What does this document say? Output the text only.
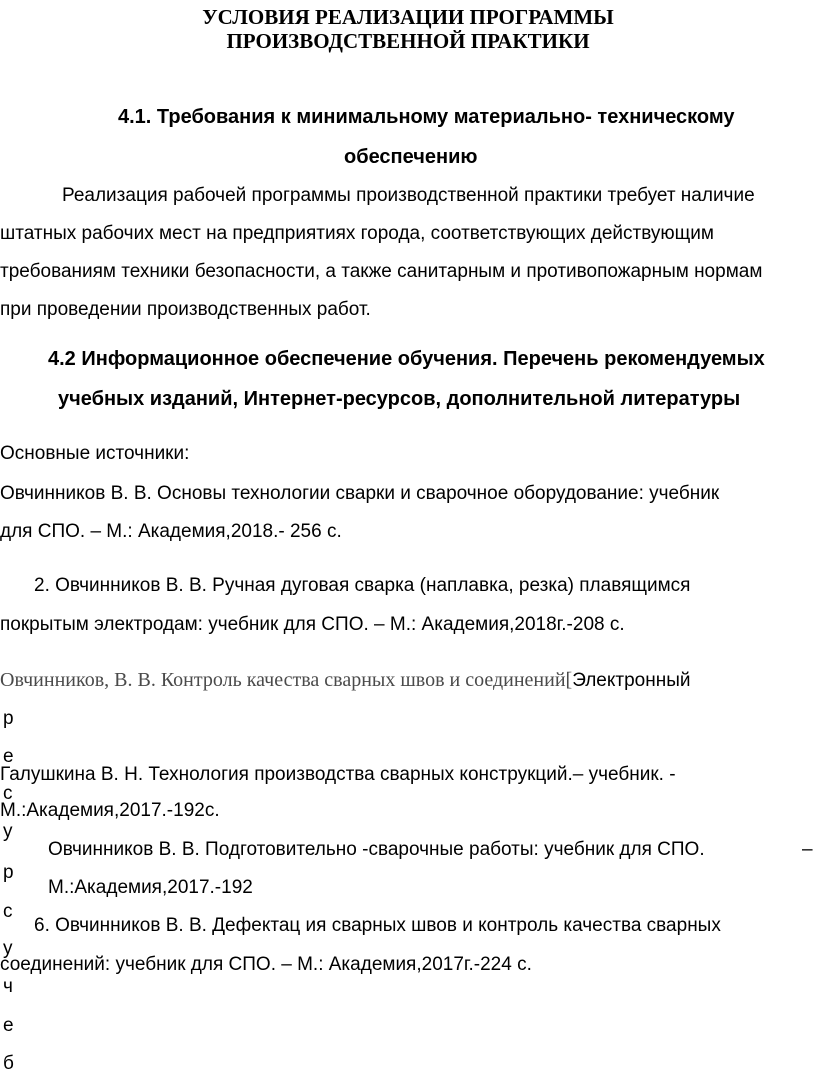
УСЛОВИЯ РЕАЛИЗАЦИИ ПРОГРАММЫ
ПРОИЗВОДСТВЕННОЙ ПРАКТИКИ
4.1. Требования к минимальному материально- техническому
обеспечению
Реализация рабочей программы производственной практики требует наличие
штатных рабочих мест на предприятиях города, соответствующих действующим
требованиям техники безопасности, а также санитарным и противопожарным нормам
при проведении производственных работ.
4.2 Информационное обеспечение обучения. Перечень рекомендуемых
учебных изданий, Интернет-ресурсов, дополнительной литературы
Основные источники:
Овчинников В. В. Основы технологии сварки и сварочное оборудование: учебник
для СПО. – М.: Академия,2018.- 256 с.
2. Овчинников В. В. Ручная дуговая сварка (наплавка, резка) плавящимся
покрытым электродам: учебник для СПО. – М.: Академия,2018г.-208 с.
Овчинников, В. В. Контроль качества сварных швов и соединений[Электронный
р
е
с
у
р
с
у
ч
е
б
Галушкина В. Н. Технология производства сварных конструкций.– учебник. -
М.:Академия,2017.-192с.
Овчинников В. В. Подготовительно -сварочные работы: учебник для СПО.	–
М.:Академия,2017.-192
6. Овчинников В. В. Дефектац ия сварных швов и контроль качества сварных
соединений: учебник для СПО. – М.: Академия,2017г.-224 с.
